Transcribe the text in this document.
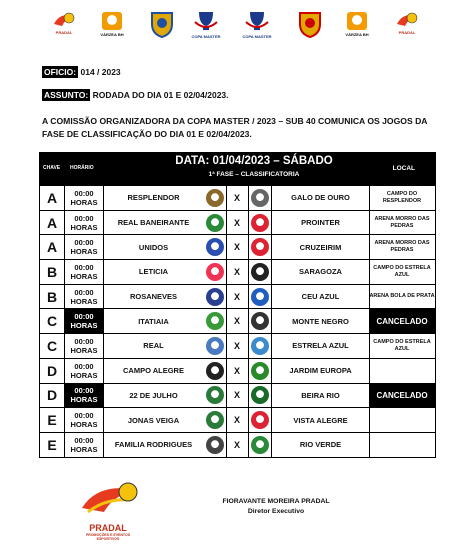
PRADAL	VÁRZEA BH	COPA MASTER	COPA MASTER	VÁRZEA BH	PRADAL
OFICIO: 014 / 2023
ASSUNTO: RODADA DO DIA 01 E 02/04/2023.
A COMISSÃO ORGANIZADORA DA COPA MASTER / 2023 – SUB 40 COMUNICA OS JOGOS DA FASE DE CLASSIFICAÇÃO DO DIA 01 E 02/04/2023.
CHAVE HORÁRIO
DATA: 01/04/2023 – SÁBADO
1ª FASE – CLASSIFICATORIA
LOCAL
A	00:00 HORAS	RESPLENDOR	X	GALO DE OURO	CAMPO DO RESPLENDOR
A	00:00 HORAS	REAL BANEIRANTE	X	PROINTER	ARENA MORRO DAS PEDRAS
A	00:00 HORAS	UNIDOS	X	CRUZEIRIM	ARENA MORRO DAS PEDRAS
B	00:00 HORAS	LETICIA	X	SARAGOZA	CAMPO DO ESTRELA AZUL
B	00:00 HORAS	ROSANEVES	X	CEU AZUL	ARENA BOLA DE PRATA
C	00:00 HORAS	ITATIAIA	X	MONTE NEGRO	CANCELADO
C	00:00 HORAS	REAL	X	ESTRELA AZUL	CAMPO DO ESTRELA AZUL
D	00:00 HORAS	CAMPO ALEGRE	X	JARDIM EUROPA
D	00:00 HORAS	22 DE JULHO	X	BEIRA RIO	CANCELADO
E	00:00 HORAS	JONAS VEIGA	X	VISTA ALEGRE
E	00:00 HORAS	FAMILIA RODRIGUES	X	RIO VERDE
PRADAL
PROMOÇÕES E EVENTOS ESPORTIVOS
FIORAVANTE MOREIRA PRADAL
Diretor Executivo
